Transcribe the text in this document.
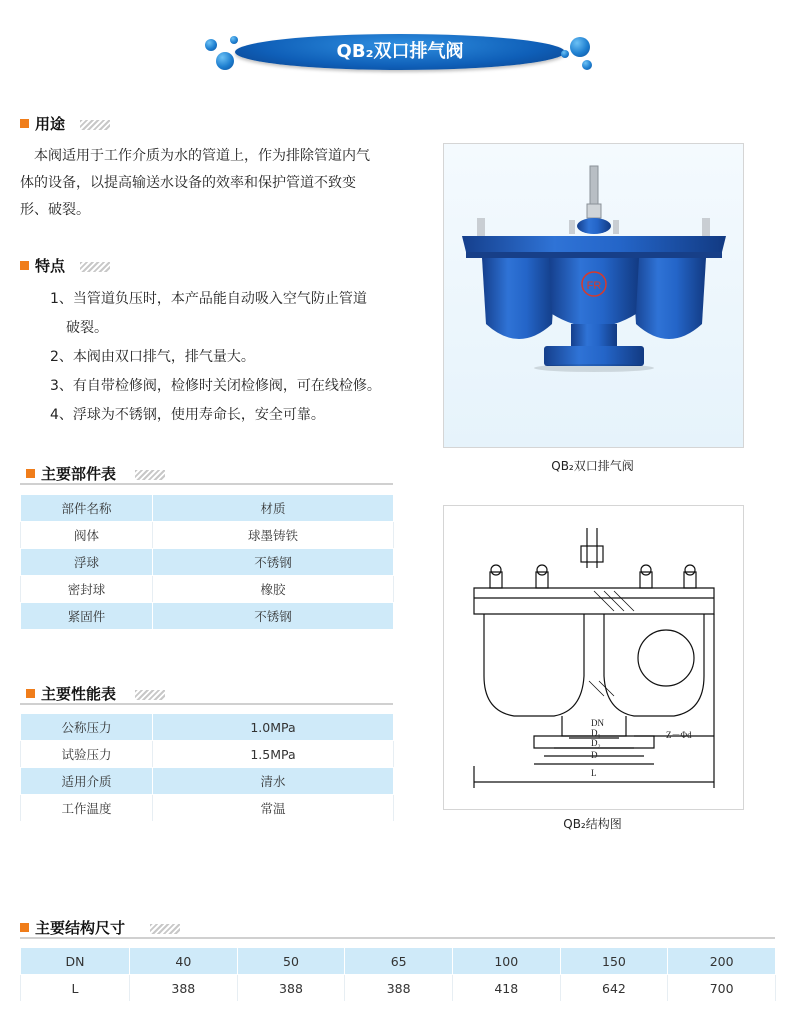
QB₂双口排气阀
用途
本阀适用于工作介质为水的管道上，作为排除管道内气
体的设备，以提高输送水设备的效率和保护管道不致变
形、破裂。
特点
1、当管道负压时，本产品能自动吸入空气防止管道
破裂。
2、本阀由双口排气，排气量大。
3、有自带检修阀，检修时关闭检修阀，可在线检修。
4、浮球为不锈钢，使用寿命长，安全可靠。
主要部件表
部件名称	材质
阀体	球墨铸铁
浮球	不锈钢
密封球	橡胶
紧固件	不锈钢
主要性能表
公称压力	1.0MPa
试验压力	1.5MPa
适用介质	清水
工作温度	常温
FR
QB₂双口排气阀
DN
D₁
D₂
D
L
Z－Φd
QB₂结构图
主要结构尺寸
DN	40	50	65	100	150	200
L	388	388	388	418	642	700
